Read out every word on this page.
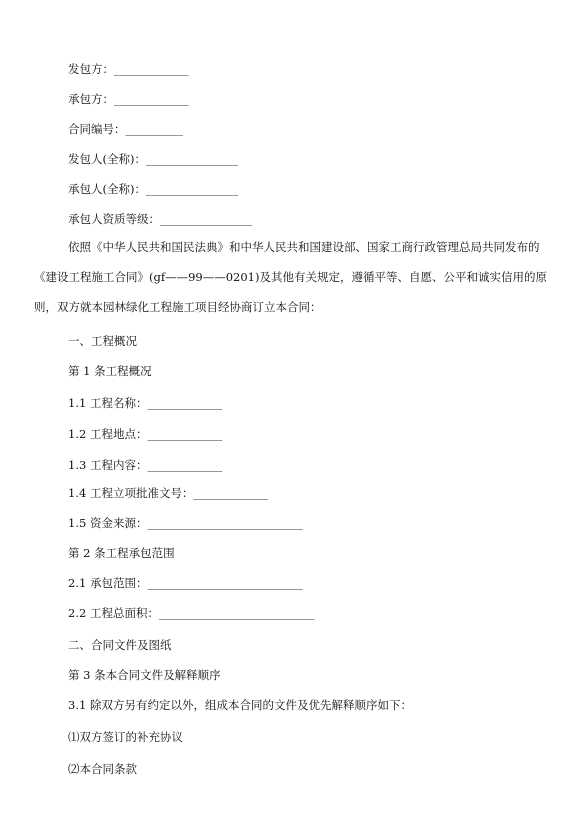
发包方：_____________
承包方：_____________
合同编号：__________
发包人(全称)：________________
承包人(全称)：________________
承包人资质等级：________________
依照《中华人民共和国民法典》和中华人民共和国建设部、国家工商行政管理总局共同发布的
《建设工程施工合同》(gf——99——0201)及其他有关规定，遵循平等、自愿、公平和诚实信用的原
则，双方就本园林绿化工程施工项目经协商订立本合同：
一、工程概况
第 1 条工程概况
1.1 工程名称：_____________
1.2 工程地点：_____________
1.3 工程内容：_____________
1.4 工程立项批准文号：_____________
1.5 资金来源：___________________________
第 2 条工程承包范围
2.1 承包范围：___________________________
2.2 工程总面积：___________________________
二、合同文件及图纸
第 3 条本合同文件及解释顺序
3.1 除双方另有约定以外，组成本合同的文件及优先解释顺序如下：
⑴双方签订的补充协议
⑵本合同条款
